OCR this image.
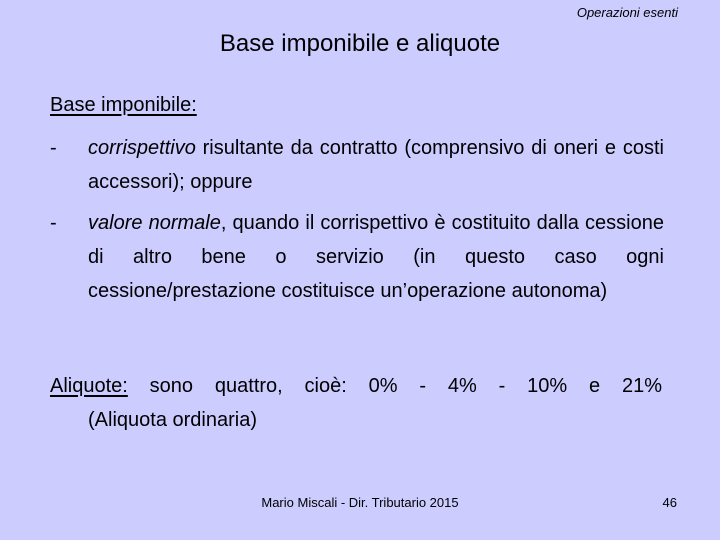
Operazioni esenti
Base imponibile e aliquote
Base imponibile:
- corrispettivo risultante da contratto (comprensivo di oneri e costi accessori); oppure
- valore normale, quando il corrispettivo è costituito dalla cessione di altro bene o servizio (in questo caso ogni cessione/prestazione costituisce un’operazione autonoma)
Aliquote: sono quattro, cioè: 0% - 4% - 10% e 21%
(Aliquota ordinaria)
Mario Miscali - Dir. Tributario 2015	46
